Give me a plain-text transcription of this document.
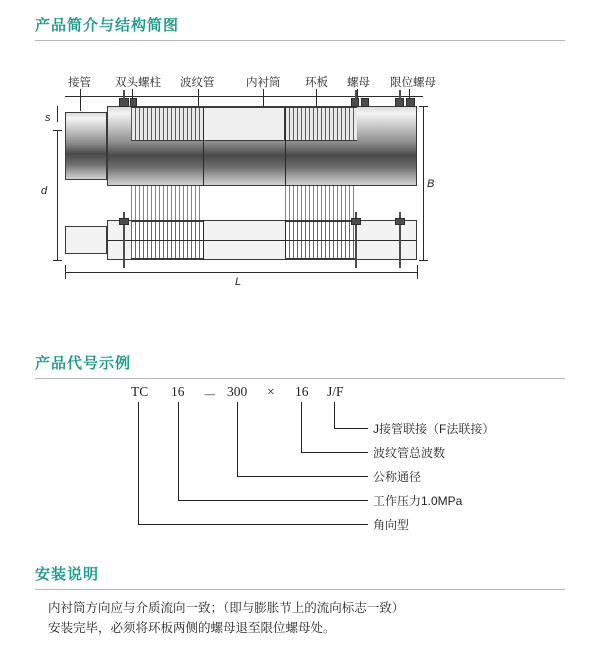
产品简介与结构简图
接管 双头螺柱 波纹管	内衬筒 环板 螺母 限位螺母
s
d
B
L
产品代号示例
TC 16 － 300 × 16 J/F
J接管联接（F法联接）
波纹管总波数
公称通径
工作压力1.0MPa
角向型
安装说明
内衬筒方向应与介质流向一致；（即与膨胀节上的流向标志一致）
安装完毕，必须将环板两侧的螺母退至限位螺母处。
